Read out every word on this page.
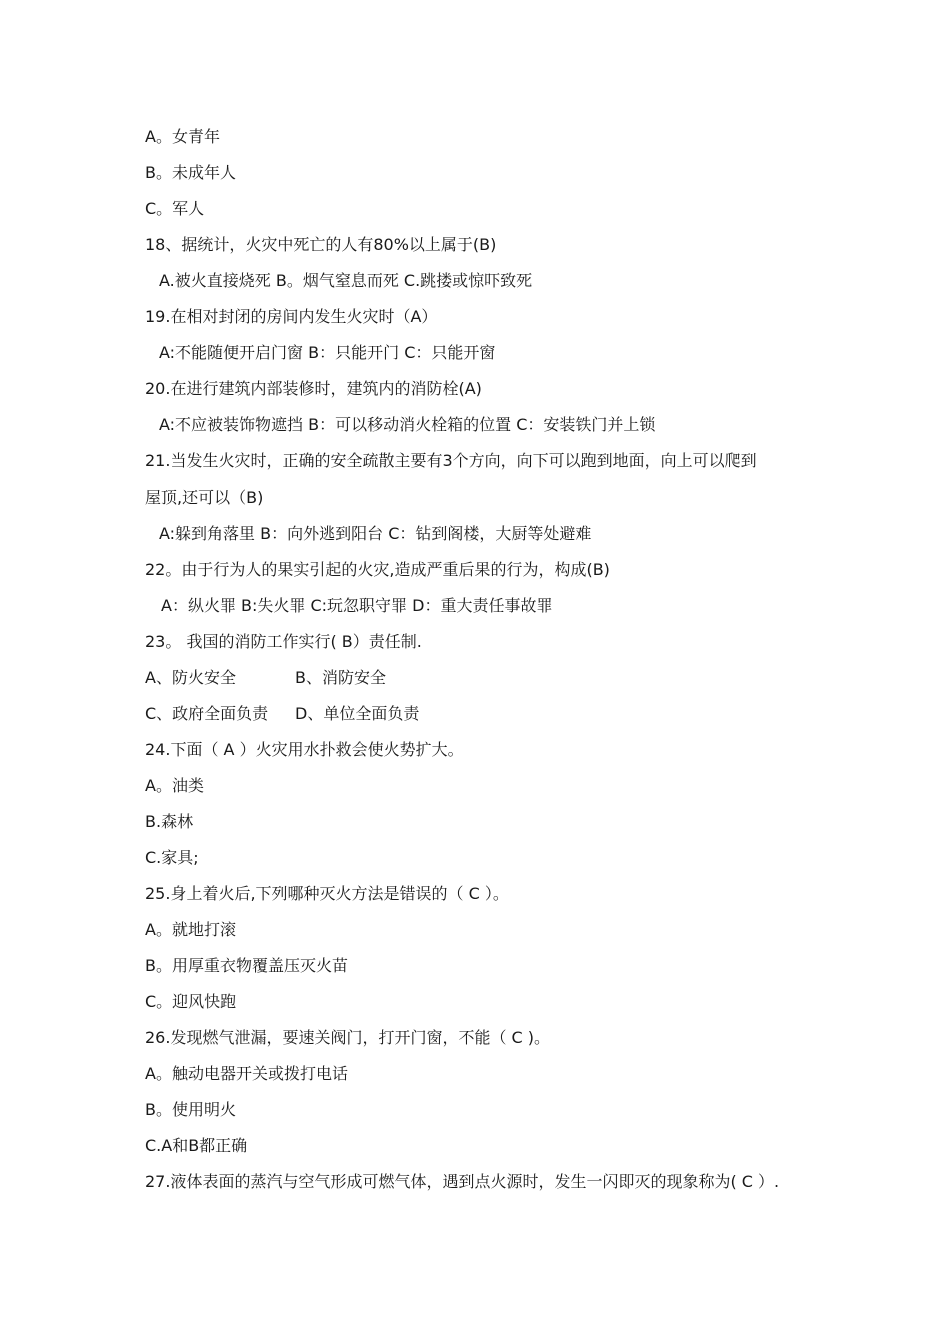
A。女青年
B。未成年人
C。军人
18、据统计，火灾中死亡的人有80%以上属于(B)
A.被火直接烧死 B。烟气窒息而死 C.跳搂或惊吓致死
19.在相对封闭的房间内发生火灾时（A）
A:不能随便开启门窗 B：只能开门 C：只能开窗
20.在进行建筑内部装修时，建筑内的消防栓(A)
A:不应被装饰物遮挡 B：可以移动消火栓箱的位置 C：安装铁门并上锁
21.当发生火灾时，正确的安全疏散主要有3个方向，向下可以跑到地面，向上可以爬到
屋顶,还可以（B)
A:躲到角落里 B：向外逃到阳台 C：钻到阁楼，大厨等处避难
22。由于行为人的果实引起的火灾,造成严重后果的行为，构成(B)
A：纵火罪 B:失火罪 C:玩忽职守罪 D：重大责任事故罪
23。 我国的消防工作实行( B）责任制.
A、防火安全	B、消防安全
C、政府全面负责 D、单位全面负责
24.下面（ A ）火灾用水扑救会使火势扩大。
A。油类
B.森林
C.家具;
25.身上着火后,下列哪种灭火方法是错误的（ C ）。
A。就地打滚
B。用厚重衣物覆盖压灭火苗
C。迎风快跑
26.发现燃气泄漏，要速关阀门，打开门窗，不能（ C )。
A。触动电器开关或拨打电话
B。使用明火
C.A和B都正确
27.液体表面的蒸汽与空气形成可燃气体，遇到点火源时，发生一闪即灭的现象称为( C ）.
